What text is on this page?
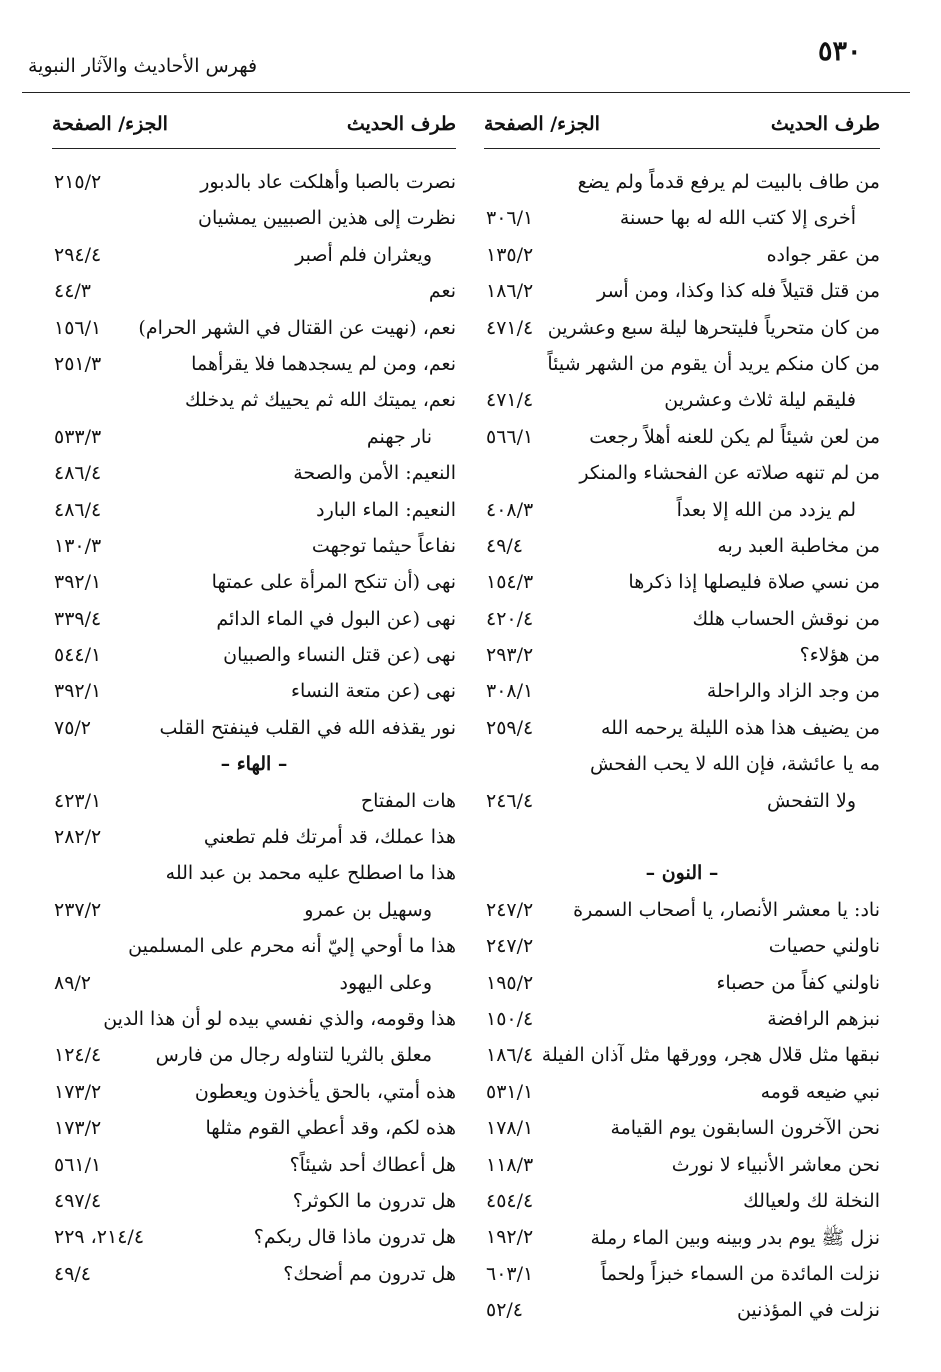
٥٣٠
فهرس الأحاديث والآثار النبوية
طرف الحديث
الجزء/ الصفحة
من طاف بالبيت لم يرفع قدماً ولم يضع
أخرى إلا كتب الله له بها حسنة
٣٠٦/١
من عقر جواده
١٣٥/٢
من قتل قتيلاً فله كذا وكذا، ومن أسر
١٨٦/٢
من كان متحرياً فليتحرها ليلة سبع وعشرين
٤٧١/٤
من كان منكم يريد أن يقوم من الشهر شيئاً
فليقم ليلة ثلاث وعشرين
٤٧١/٤
من لعن شيئاً لم يكن للعنه أهلاً رجعت
٥٦٦/١
من لم تنهه صلاته عن الفحشاء والمنكر
لم يزدد من الله إلا بعداً
٤٠٨/٣
من مخاطبة العبد ربه
٤٩/٤
من نسي صلاة فليصلها إذا ذكرها
١٥٤/٣
من نوقش الحساب هلك
٤٢٠/٤
من هؤلاء؟
٢٩٣/٢
من وجد الزاد والراحلة
٣٠٨/١
من يضيف هذا هذه الليلة يرحمه الله
٢٥٩/٤
مه يا عائشة، فإن الله لا يحب الفحش
ولا التفحش
٢٤٦/٤
– النون –
ناد: يا معشر الأنصار، يا أصحاب السمرة
٢٤٧/٢
ناولني حصيات
٢٤٧/٢
ناولني كفاً من حصباء
١٩٥/٢
نبزهم الرافضة
١٥٠/٤
نبقها مثل قلال هجر، وورقها مثل آذان الفيلة
١٨٦/٤
نبي ضيعه قومه
٥٣١/١
نحن الآخرون السابقون يوم القيامة
١٧٨/١
نحن معاشر الأنبياء لا نورث
١١٨/٣
النخلة لك ولعيالك
٤٥٤/٤
نزل ﷺ يوم بدر وبينه وبين الماء رملة
١٩٢/٢
نزلت المائدة من السماء خبزاً ولحماً
٦٠٣/١
نزلت في المؤذنين
٥٢/٤
طرف الحديث
الجزء/ الصفحة
نصرت بالصبا وأهلكت عاد بالدبور
٢١٥/٢
نظرت إلى هذين الصبيين يمشيان
ويعثران فلم أصبر
٢٩٤/٤
نعم
٤٤/٣
نعم، (نهيت عن القتال في الشهر الحرام)
١٥٦/١
نعم، ومن لم يسجدهما فلا يقرأهما
٢٥١/٣
نعم، يميتك الله ثم يحييك ثم يدخلك
نار جهنم
٥٣٣/٣
النعيم: الأمن والصحة
٤٨٦/٤
النعيم: الماء البارد
٤٨٦/٤
نفاعاً حيثما توجهت
١٣٠/٣
نهى (أن تنكح المرأة على عمتها
٣٩٢/١
نهى (عن البول في الماء الدائم
٣٣٩/٤
نهى (عن قتل النساء والصبيان
٥٤٤/١
نهى (عن متعة النساء
٣٩٢/١
نور يقذفه الله في القلب فينفتح القلب
٧٥/٢
– الهاء –
هات المفتاح
٤٢٣/١
هذا عملك، قد أمرتك فلم تطعني
٢٨٢/٢
هذا ما اصطلح عليه محمد بن عبد الله
وسهيل بن عمرو
٢٣٧/٢
هذا ما أوحي إليّ أنه محرم على المسلمين
وعلى اليهود
٨٩/٢
هذا وقومه، والذي نفسي بيده لو أن هذا الدين
معلق بالثريا لتناوله رجال من فارس
١٢٤/٤
هذه أمتي، بالحق يأخذون ويعطون
١٧٣/٢
هذه لكم، وقد أعطي القوم مثلها
١٧٣/٢
هل أعطاك أحد شيئاً؟
٥٦١/١
هل تدرون ما الكوثر؟
٤٩٧/٤
هل تدرون ماذا قال ربكم؟
٢١٤/٤، ٢٢٩
هل تدرون مم أضحك؟
٤٩/٤
